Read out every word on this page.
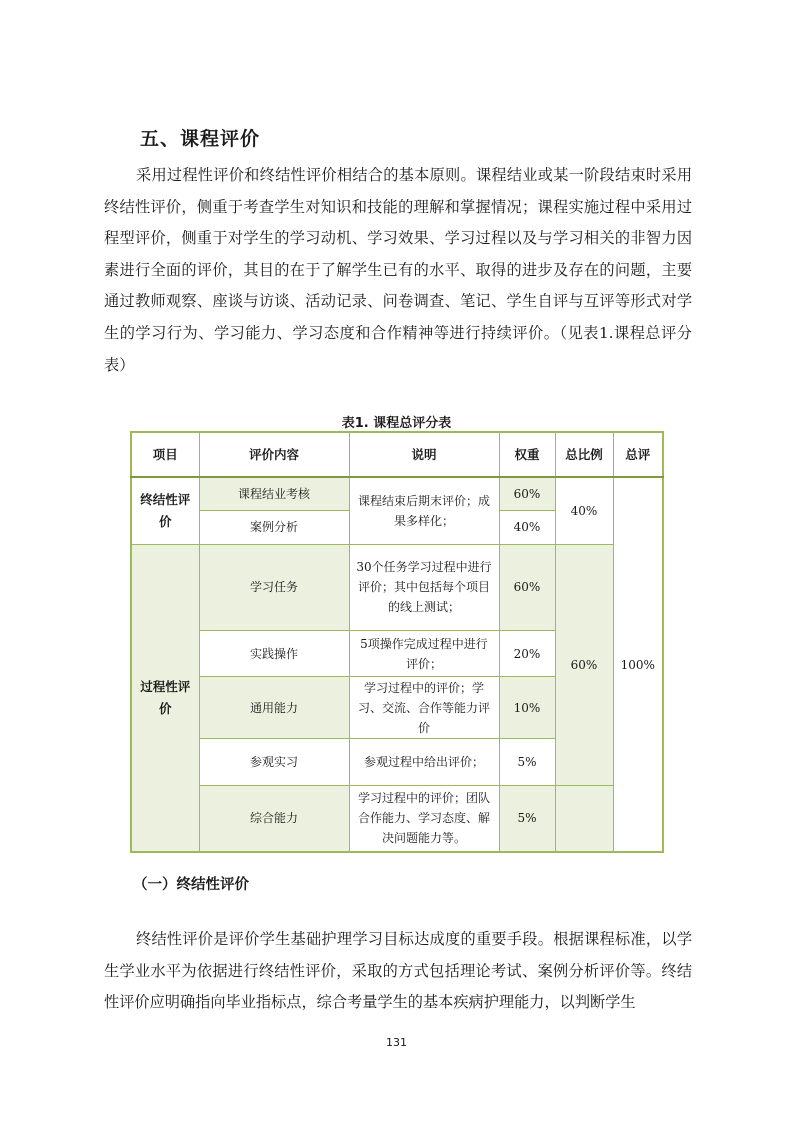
五、课程评价

采用过程性评价和终结性评价相结合的基本原则。课程结业或某一阶段结束时采用终结性评价，侧重于考查学生对知识和技能的理解和掌握情况；课程实施过程中采用过程型评价，侧重于对学生的学习动机、学习效果、学习过程以及与学习相关的非智力因素进行全面的评价，其目的在于了解学生已有的水平、取得的进步及存在的问题，主要通过教师观察、座谈与访谈、活动记录、问卷调查、笔记、学生自评与互评等形式对学生的学习行为、学习能力、学习态度和合作精神等进行持续评价。（见表1.课程总评分表）

表1. 课程总评分表
项目	评价内容	说明	权重	总比例	总评
终结性评价	课程结业考核	课程结束后期末评价；成果多样化；	60%	40%	100%
	案例分析		40%		
过程性评价	学习任务	30个任务学习过程中进行评价；其中包括每个项目的线上测试；	60%	60%	
	实践操作	5项操作完成过程中进行评价；	20%		
	通用能力	学习过程中的评价；学习、交流、合作等能力评价	10%		
	参观实习	参观过程中给出评价；	5%		
	综合能力	学习过程中的评价；团队合作能力、学习态度、解决问题能力等。	5%		
（一）终结性评价

终结性评价是评价学生基础护理学习目标达成度的重要手段。根据课程标准，以学生学业水平为依据进行终结性评价，采取的方式包括理论考试、案例分析评价等。终结性评价应明确指向毕业指标点，综合考量学生的基本疾病护理能力，以判断学生

131
